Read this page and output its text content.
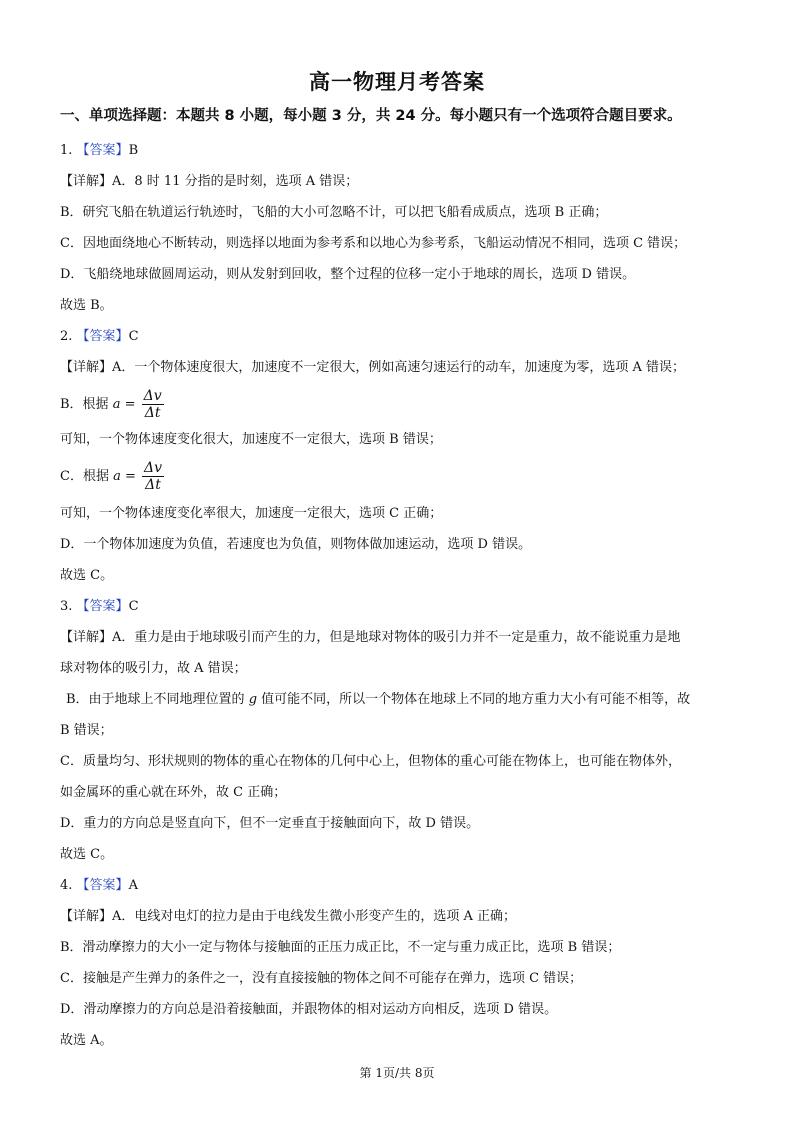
高一物理月考答案
一、单项选择题：本题共 8 小题，每小题 3 分，共 24 分。每小题只有一个选项符合题目要求。
1. 【答案】B
【详解】A．8 时 11 分指的是时刻，选项 A 错误；
B．研究飞船在轨道运行轨迹时，飞船的大小可忽略不计，可以把飞船看成质点，选项 B 正确；
C．因地面绕地心不断转动，则选择以地面为参考系和以地心为参考系，飞船运动情况不相同，选项 C 错误；
D．飞船绕地球做圆周运动，则从发射到回收，整个过程的位移一定小于地球的周长，选项 D 错误。
故选 B。
2. 【答案】C
【详解】A．一个物体速度很大，加速度不一定很大，例如高速匀速运行的动车，加速度为零，选项 A 错误；
B．根据 $a = \frac{\Delta v}{\Delta t}$
可知，一个物体速度变化很大，加速度不一定很大，选项 B 错误；
C．根据 $a = \frac{\Delta v}{\Delta t}$
可知，一个物体速度变化率很大，加速度一定很大，选项 C 正确；
D．一个物体加速度为负值，若速度也为负值，则物体做加速运动，选项 D 错误。
故选 C。
3. 【答案】C
【详解】A．重力是由于地球吸引而产生的力，但是地球对物体的吸引力并不一定是重力，故不能说重力是地
球对物体的吸引力，故 A 错误；
B．由于地球上不同地理位置的 g 值可能不同，所以一个物体在地球上不同的地方重力大小有可能不相等，故
B 错误；
C．质量均匀、形状规则的物体的重心在物体的几何中心上，但物体的重心可能在物体上，也可能在物体外，
如金属环的重心就在环外，故 C 正确；
D．重力的方向总是竖直向下，但不一定垂直于接触面向下，故 D 错误。
故选 C。
4. 【答案】A
【详解】A．电线对电灯的拉力是由于电线发生微小形变产生的，选项 A 正确；
B．滑动摩擦力的大小一定与物体与接触面的正压力成正比，不一定与重力成正比，选项 B 错误；
C．接触是产生弹力的条件之一，没有直接接触的物体之间不可能存在弹力，选项 C 错误；
D．滑动摩擦力的方向总是沿着接触面，并跟物体的相对运动方向相反，选项 D 错误。
故选 A。
第 1页/共 8页
